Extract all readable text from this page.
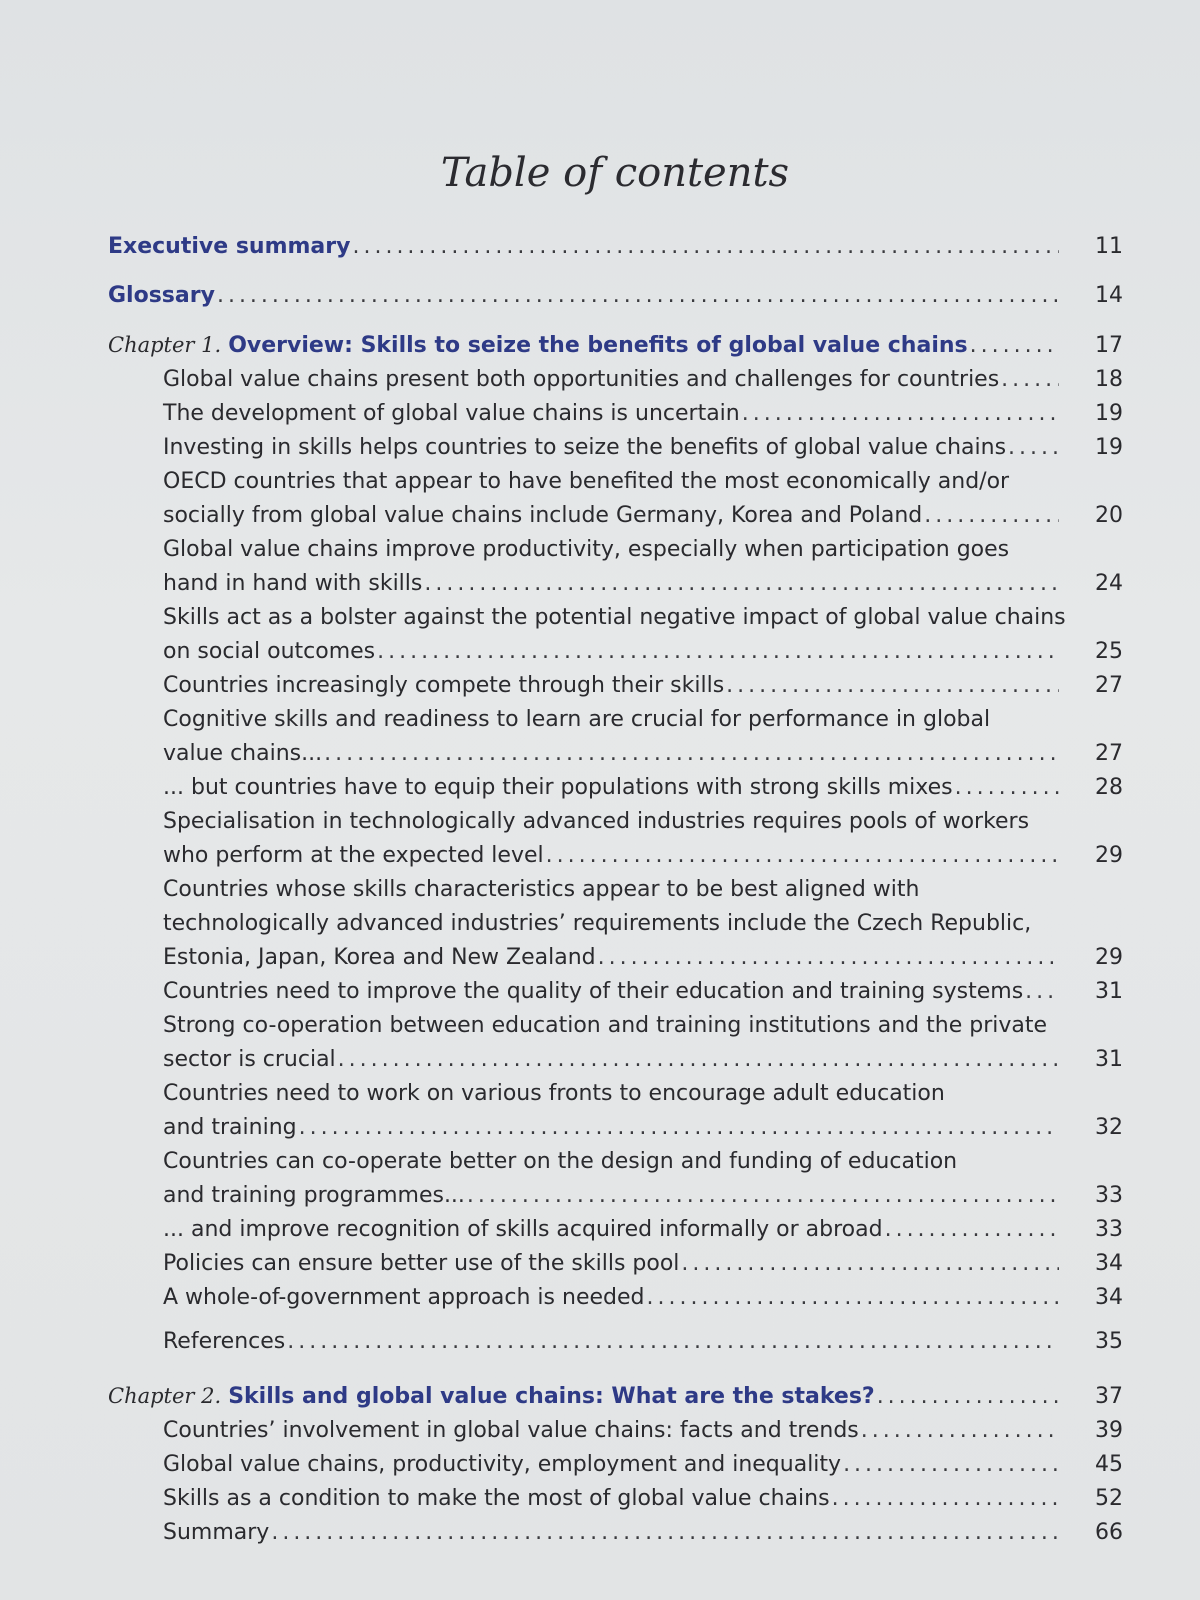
Table of contents
Executive summary .....	11
Glossary .....	14
Chapter 1. Overview: Skills to seize the benefits of global value chains .....	17
Global value chains present both opportunities and challenges for countries .....	18
The development of global value chains is uncertain .....	19
Investing in skills helps countries to seize the benefits of global value chains .....	19
OECD countries that appear to have benefited the most economically and/or
socially from global value chains include Germany, Korea and Poland .....	20
Global value chains improve productivity, especially when participation goes
hand in hand with skills .....	24
Skills act as a bolster against the potential negative impact of global value chains
on social outcomes .....	25
Countries increasingly compete through their skills .....	27
Cognitive skills and readiness to learn are crucial for performance in global
value chains... .....	27
... but countries have to equip their populations with strong skills mixes .....	28
Specialisation in technologically advanced industries requires pools of workers
who perform at the expected level .....	29
Countries whose skills characteristics appear to be best aligned with
technologically advanced industries’ requirements include the Czech Republic,
Estonia, Japan, Korea and New Zealand .....	29
Countries need to improve the quality of their education and training systems .....	31
Strong co-operation between education and training institutions and the private
sector is crucial .....	31
Countries need to work on various fronts to encourage adult education
and training .....	32
Countries can co-operate better on the design and funding of education
and training programmes... .....	33
... and improve recognition of skills acquired informally or abroad .....	33
Policies can ensure better use of the skills pool .....	34
A whole-of-government approach is needed .....	34
References .....	35
Chapter 2. Skills and global value chains: What are the stakes? .....	37
Countries’ involvement in global value chains: facts and trends .....	39
Global value chains, productivity, employment and inequality .....	45
Skills as a condition to make the most of global value chains .....	52
Summary .....	66
